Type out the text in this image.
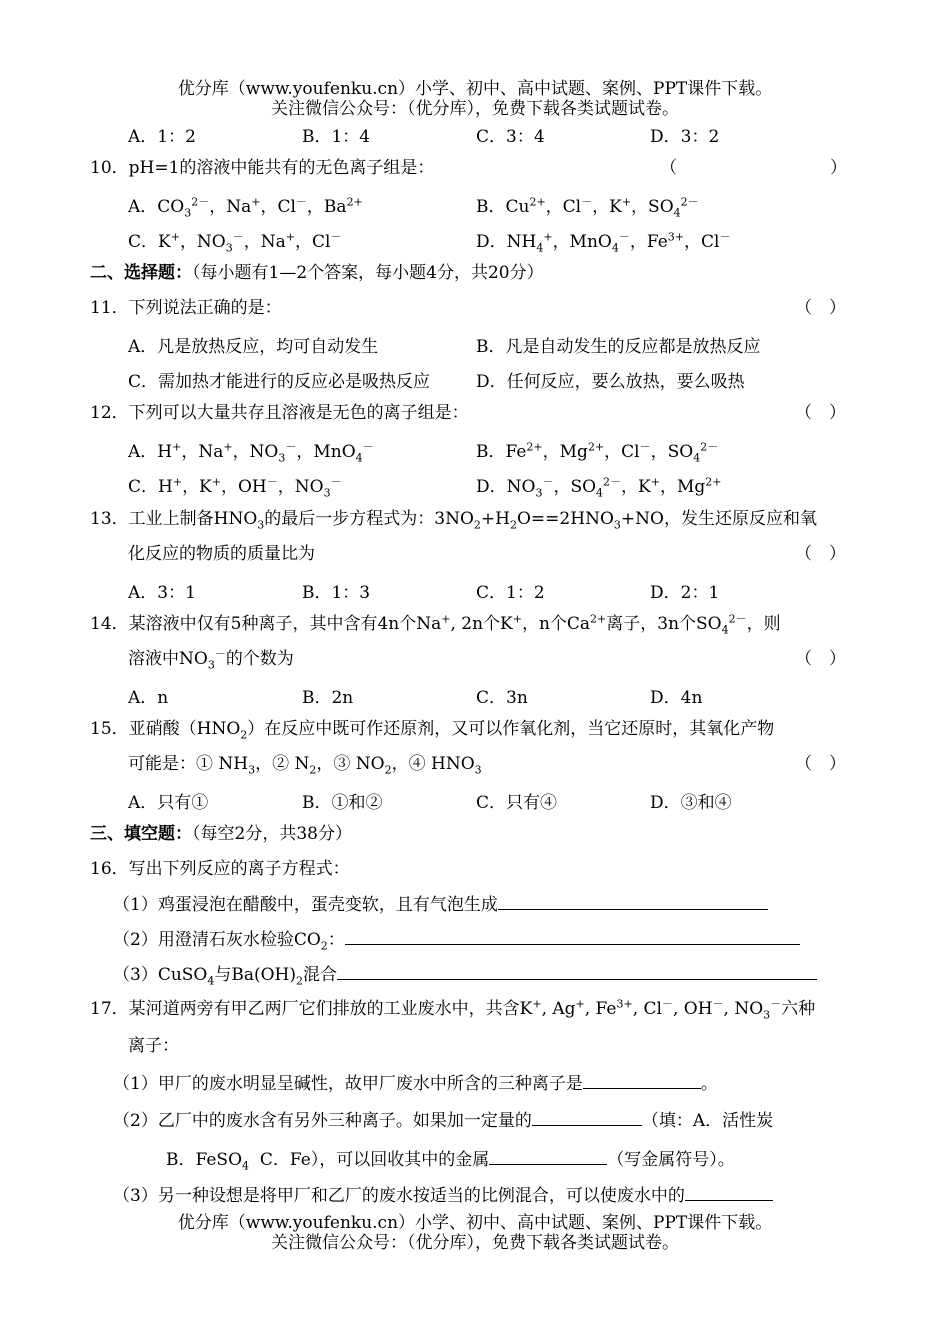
优分库（www.youfenku.cn）小学、初中、高中试题、案例、PPT课件下载。
关注微信公众号：（优分库），免费下载各类试题试卷。
A．1：2	B．1：4	C．3：4	D．3：2
10．pH=1的溶液中能共有的无色离子组是：	（　　　　　　　　　）
A．$CO_3^{2-}$，Na+，Cl－，$Ba^{2+}$	B．$Cu^{2+}$，Cl－，K+，$SO_4^{2-}$
C．K+，$NO_3^-$，Na+，Cl－	D．$NH_4^+$，MnO$_4$－，$Fe^{3+}$，Cl－
二、选择题：（每小题有1—2个答案，每小题4分，共20分）
11．下列说法正确的是：	（　）
A．凡是放热反应，均可自动发生	B．凡是自动发生的反应都是放热反应
C．需加热才能进行的反应必是吸热反应	D．任何反应，要么放热，要么吸热
12．下列可以大量共存且溶液是无色的离子组是：	（　）
A．H+，Na+，$NO_3^-$，MnO$_4$－	B．$Fe^{2+}$，$Mg^{2+}$，Cl－，$SO_4^{2-}$
C．H+，K+，OH－，$NO_3^-$	D．$NO_3^-$，$SO_4^{2-}$，K+，$Mg^{2+}$
13．工业上制备$HNO_3$的最后一步方程式为：$3NO_2+H_2O==2HNO_3+NO$，发生还原反应和氧
化反应的物质的质量比为	（　）
A．3：1	B．1：3	C．1：2	D．2：1
14．某溶液中仅有5种离子，其中含有4n个Na+, 2n个K+，n个$Ca^{2+}$离子，3n个$SO_4^{2-}$，则
溶液中$NO_3^-$的个数为	（　）
A．n	B．2n	C．3n	D．4n
15．亚硝酸$(HNO_2)$在反应中既可作还原剂，又可以作氧化剂，当它还原时，其氧化产物
可能是：① $NH_3$，② $N_2$，③ $NO_2$，④ $HNO_3$	（　）
A．只有①	B．①和②	C．只有④	D．③和④
三、填空题：（每空2分，共38分）
16．写出下列反应的离子方程式：
（1）鸡蛋浸泡在醋酸中，蛋壳变软，且有气泡生成
（2）用澄清石灰水检验$CO_2$：
（3）CuSO$_4$与$Ba(OH)_2$混合
17．某河道两旁有甲乙两厂它们排放的工业废水中，共含K+, Ag+, $Fe^{3+}$, Cl－, OH－, $NO_3^-$六种
离子：
（1）甲厂的废水明显呈碱性，故甲厂废水中所含的三种离子是	。
（2）乙厂中的废水含有另外三种离子。如果加一定量的	（填：A．活性炭
B．FeSO$_4$ C．Fe），可以回收其中的金属	（写金属符号）。
（3）另一种设想是将甲厂和乙厂的废水按适当的比例混合，可以使废水中的
优分库（www.youfenku.cn）小学、初中、高中试题、案例、PPT课件下载。
关注微信公众号：（优分库），免费下载各类试题试卷。
